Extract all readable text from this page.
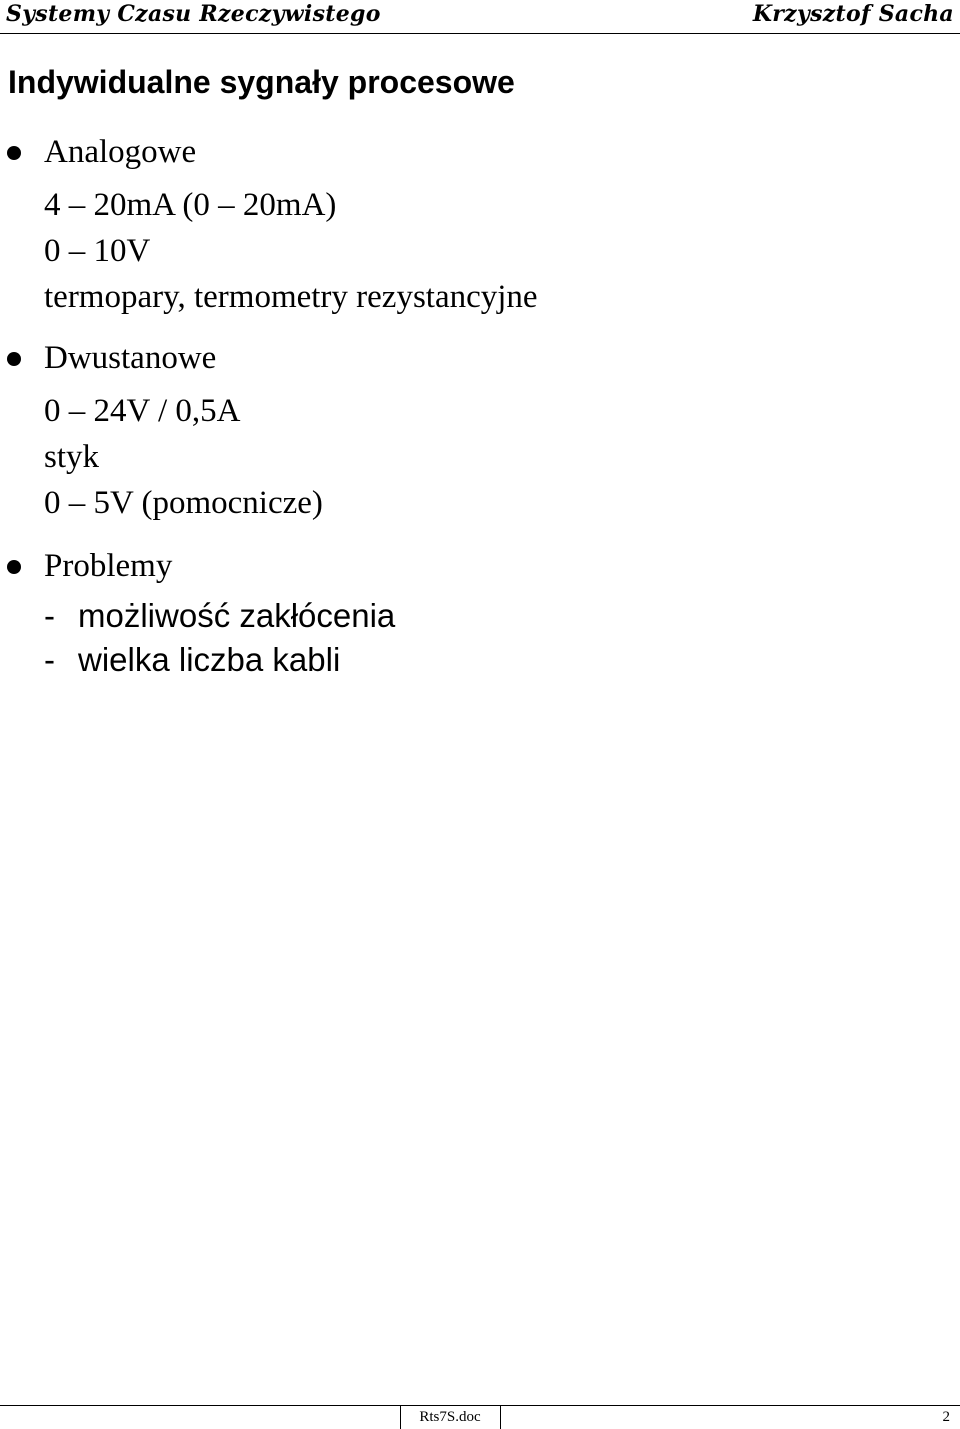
Systemy Czasu Rzeczywistego	Krzysztof Sacha
Indywidualne sygnały procesowe
Analogowe
4 – 20mA (0 – 20mA)
0 – 10V
termopary, termometry rezystancyjne
Dwustanowe
0 – 24V / 0,5A
styk
0 – 5V (pomocnicze)
Problemy
- możliwość zakłócenia
- wielka liczba kabli
Rts7S.doc	2
